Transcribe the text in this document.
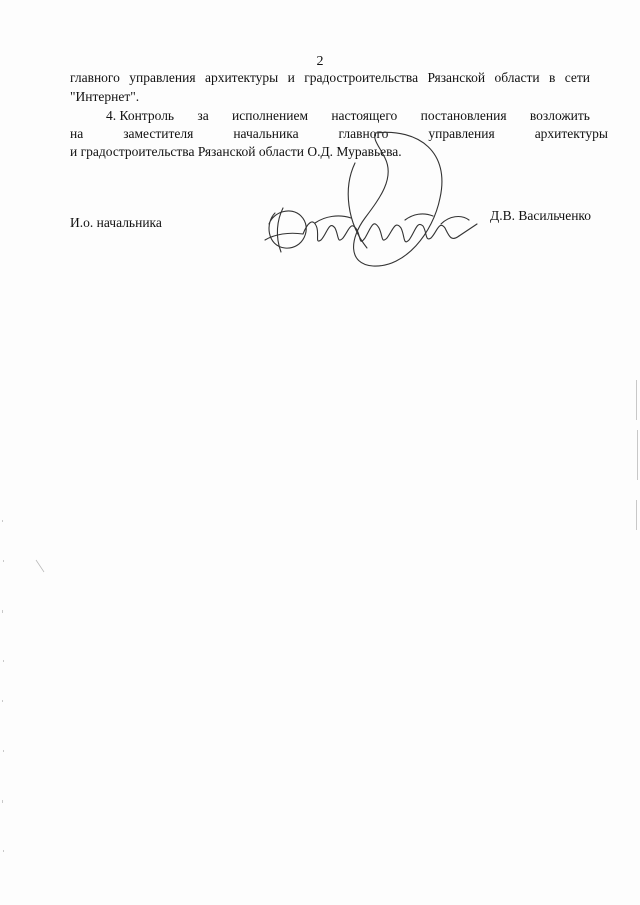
2
главного управления архитектуры и градостроительства Рязанской области в сети
"Интернет".
4. Контроль за исполнением настоящего постановления возложить
на	заместителя	начальника	главного	управления	архитектуры
и градостроительства Рязанской области О.Д. Муравьева.
И.о. начальника	Д.В. Васильченко
